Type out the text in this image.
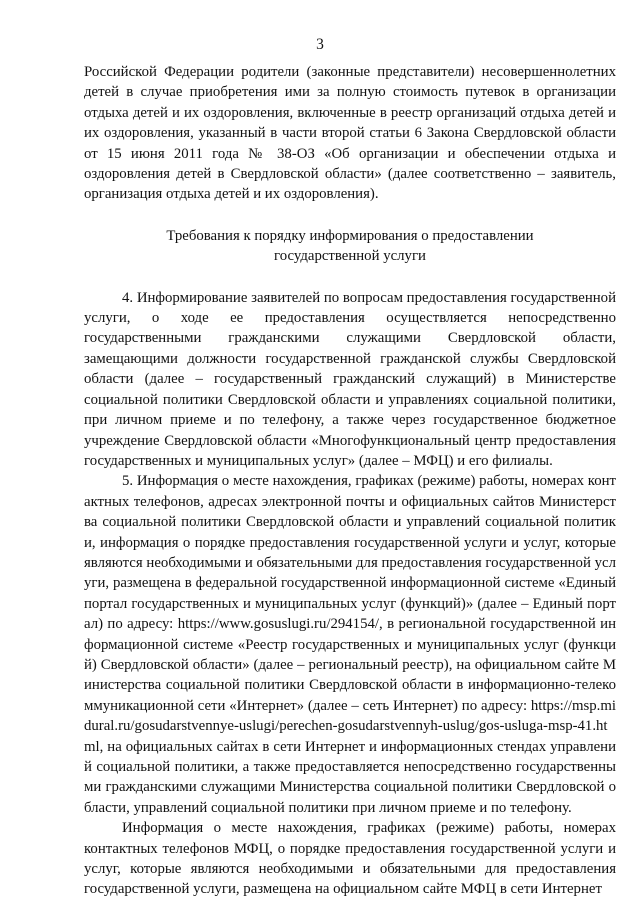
3

Российской Федерации родители (законные представители) несовершеннолетних детей в случае приобретения ими за полную стоимость путевок в организации отдыха детей и их оздоровления, включенные в реестр организаций отдыха детей и их оздоровления, указанный в части второй статьи 6 Закона Свердловской области от 15 июня 2011 года № 38-ОЗ «Об организации и обеспечении отдыха и оздоровления детей в Свердловской области» (далее соответственно – заявитель, организация отдыха детей и их оздоровления).

Требования к порядку информирования о предоставлении
государственной услуги

4. Информирование заявителей по вопросам предоставления государственной услуги, о ходе ее предоставления осуществляется непосредственно государственными гражданскими служащими Свердловской области, замещающими должности государственной гражданской службы Свердловской области (далее – государственный гражданский служащий) в Министерстве социальной политики Свердловской области и управлениях социальной политики, при личном приеме и по телефону, а также через государственное бюджетное учреждение Свердловской области «Многофункциональный центр предоставления государственных и муниципальных услуг» (далее – МФЦ) и его филиалы.

5. Информация о месте нахождения, графиках (режиме) работы, номерах контактных телефонов, адресах электронной почты и официальных сайтов Министерства социальной политики Свердловской области и управлений социальной политики, информация о порядке предоставления государственной услуги и услуг, которые являются необходимыми и обязательными для предоставления государственной услуги, размещена в федеральной государственной информационной системе «Единый портал государственных и муниципальных услуг (функций)» (далее – Единый портал) по адресу: https://www.gosuslugi.ru/294154/, в региональной государственной информационной системе «Реестр государственных и муниципальных услуг (функций) Свердловской области» (далее – региональный реестр), на официальном сайте Министерства социальной политики Свердловской области в информационно-телекоммуникационной сети «Интернет» (далее – сеть Интернет) по адресу: https://msp.midural.ru/gosudarstvennye-uslugi/perechen-gosudarstvennyh-uslug/gos-usluga-msp-41.html, на официальных сайтах в сети Интернет и информационных стендах управлений социальной политики, а также предоставляется непосредственно государственными гражданскими служащими Министерства социальной политики Свердловской области, управлений социальной политики при личном приеме и по телефону.

Информация о месте нахождения, графиках (режиме) работы, номерах контактных телефонов МФЦ, о порядке предоставления государственной услуги и услуг, которые являются необходимыми и обязательными для предоставления государственной услуги, размещена на официальном сайте МФЦ в сети Интернет
